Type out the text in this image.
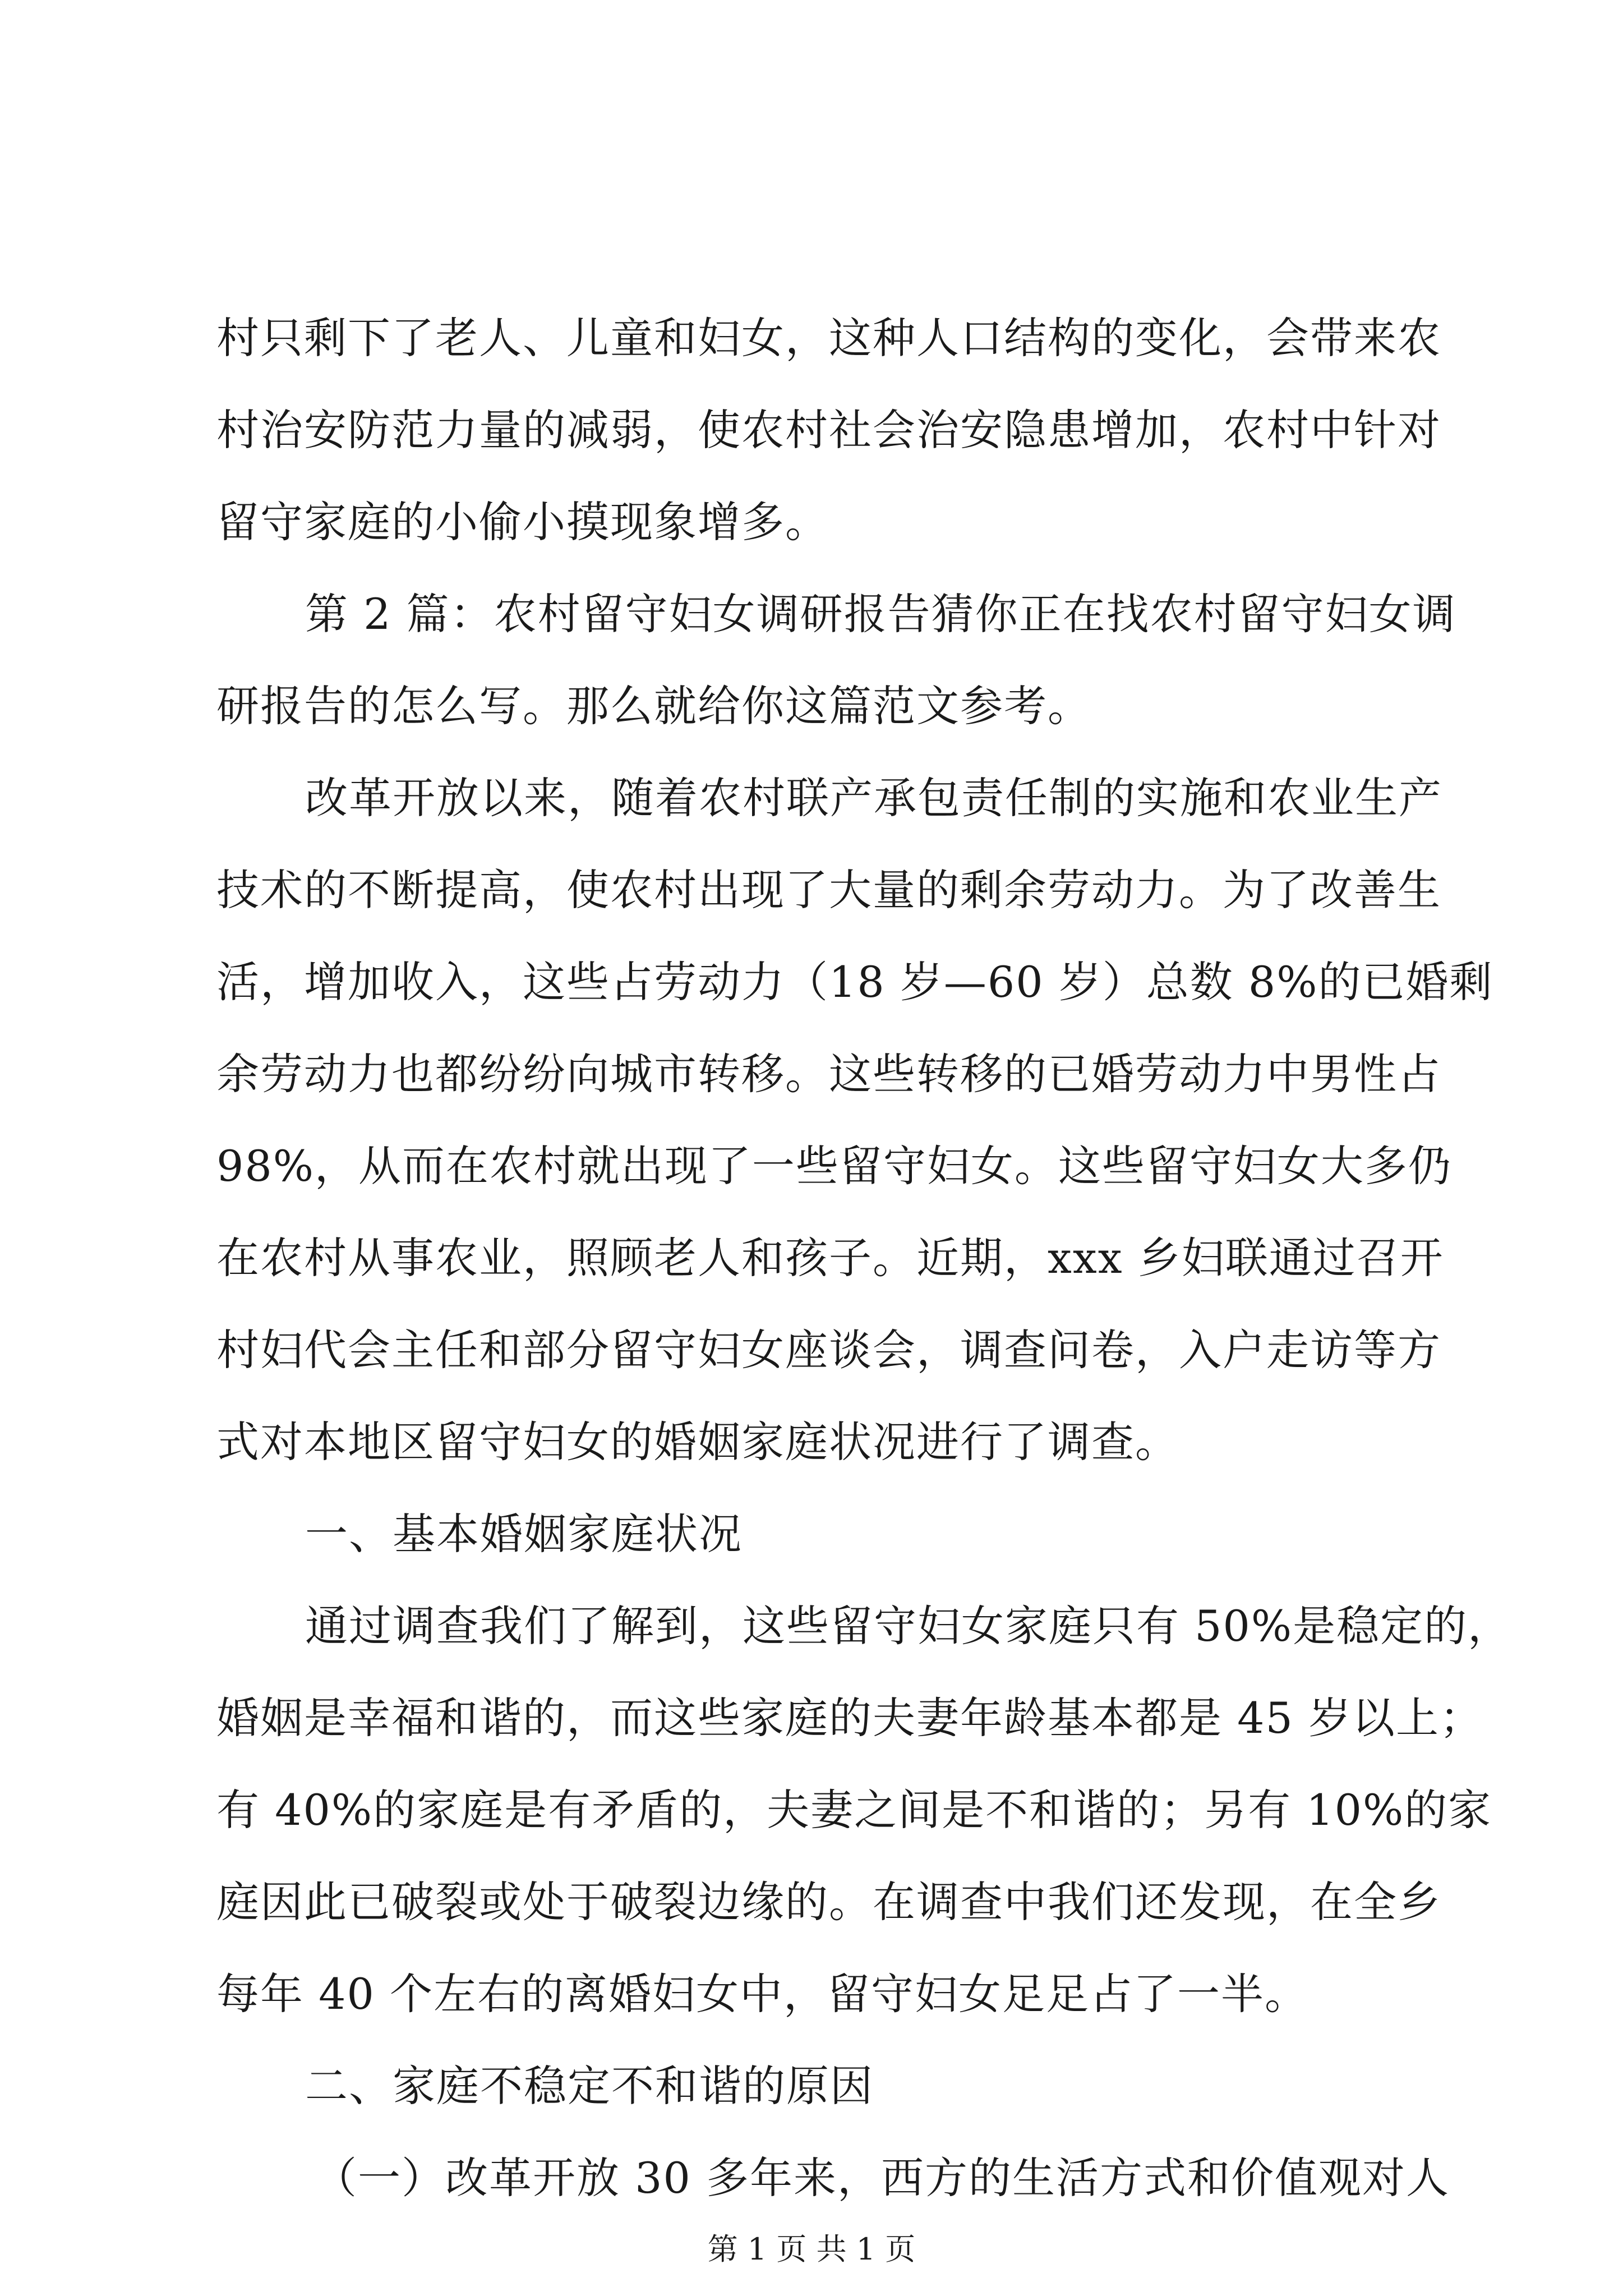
村只剩下了老人、儿童和妇女，这种人口结构的变化，会带来农
村治安防范力量的减弱，使农村社会治安隐患增加，农村中针对
留守家庭的小偷小摸现象增多。
第 2 篇：农村留守妇女调研报告猜你正在找农村留守妇女调
研报告的怎么写。那么就给你这篇范文参考。
改革开放以来，随着农村联产承包责任制的实施和农业生产
技术的不断提高，使农村出现了大量的剩余劳动力。为了改善生
活，增加收入，这些占劳动力（18 岁—60 岁）总数 8%的已婚剩
余劳动力也都纷纷向城市转移。这些转移的已婚劳动力中男性占
98%，从而在农村就出现了一些留守妇女。这些留守妇女大多仍
在农村从事农业，照顾老人和孩子。近期，xxx 乡妇联通过召开
村妇代会主任和部分留守妇女座谈会，调查问卷，入户走访等方
式对本地区留守妇女的婚姻家庭状况进行了调查。
一、基本婚姻家庭状况
通过调查我们了解到，这些留守妇女家庭只有 50%是稳定的，
婚姻是幸福和谐的，而这些家庭的夫妻年龄基本都是 45 岁以上；
有 40%的家庭是有矛盾的，夫妻之间是不和谐的；另有 10%的家
庭因此已破裂或处于破裂边缘的。在调查中我们还发现，在全乡
每年 40 个左右的离婚妇女中，留守妇女足足占了一半。
二、家庭不稳定不和谐的原因
（一）改革开放 30 多年来，西方的生活方式和价值观对人
第 1 页 共 1 页
